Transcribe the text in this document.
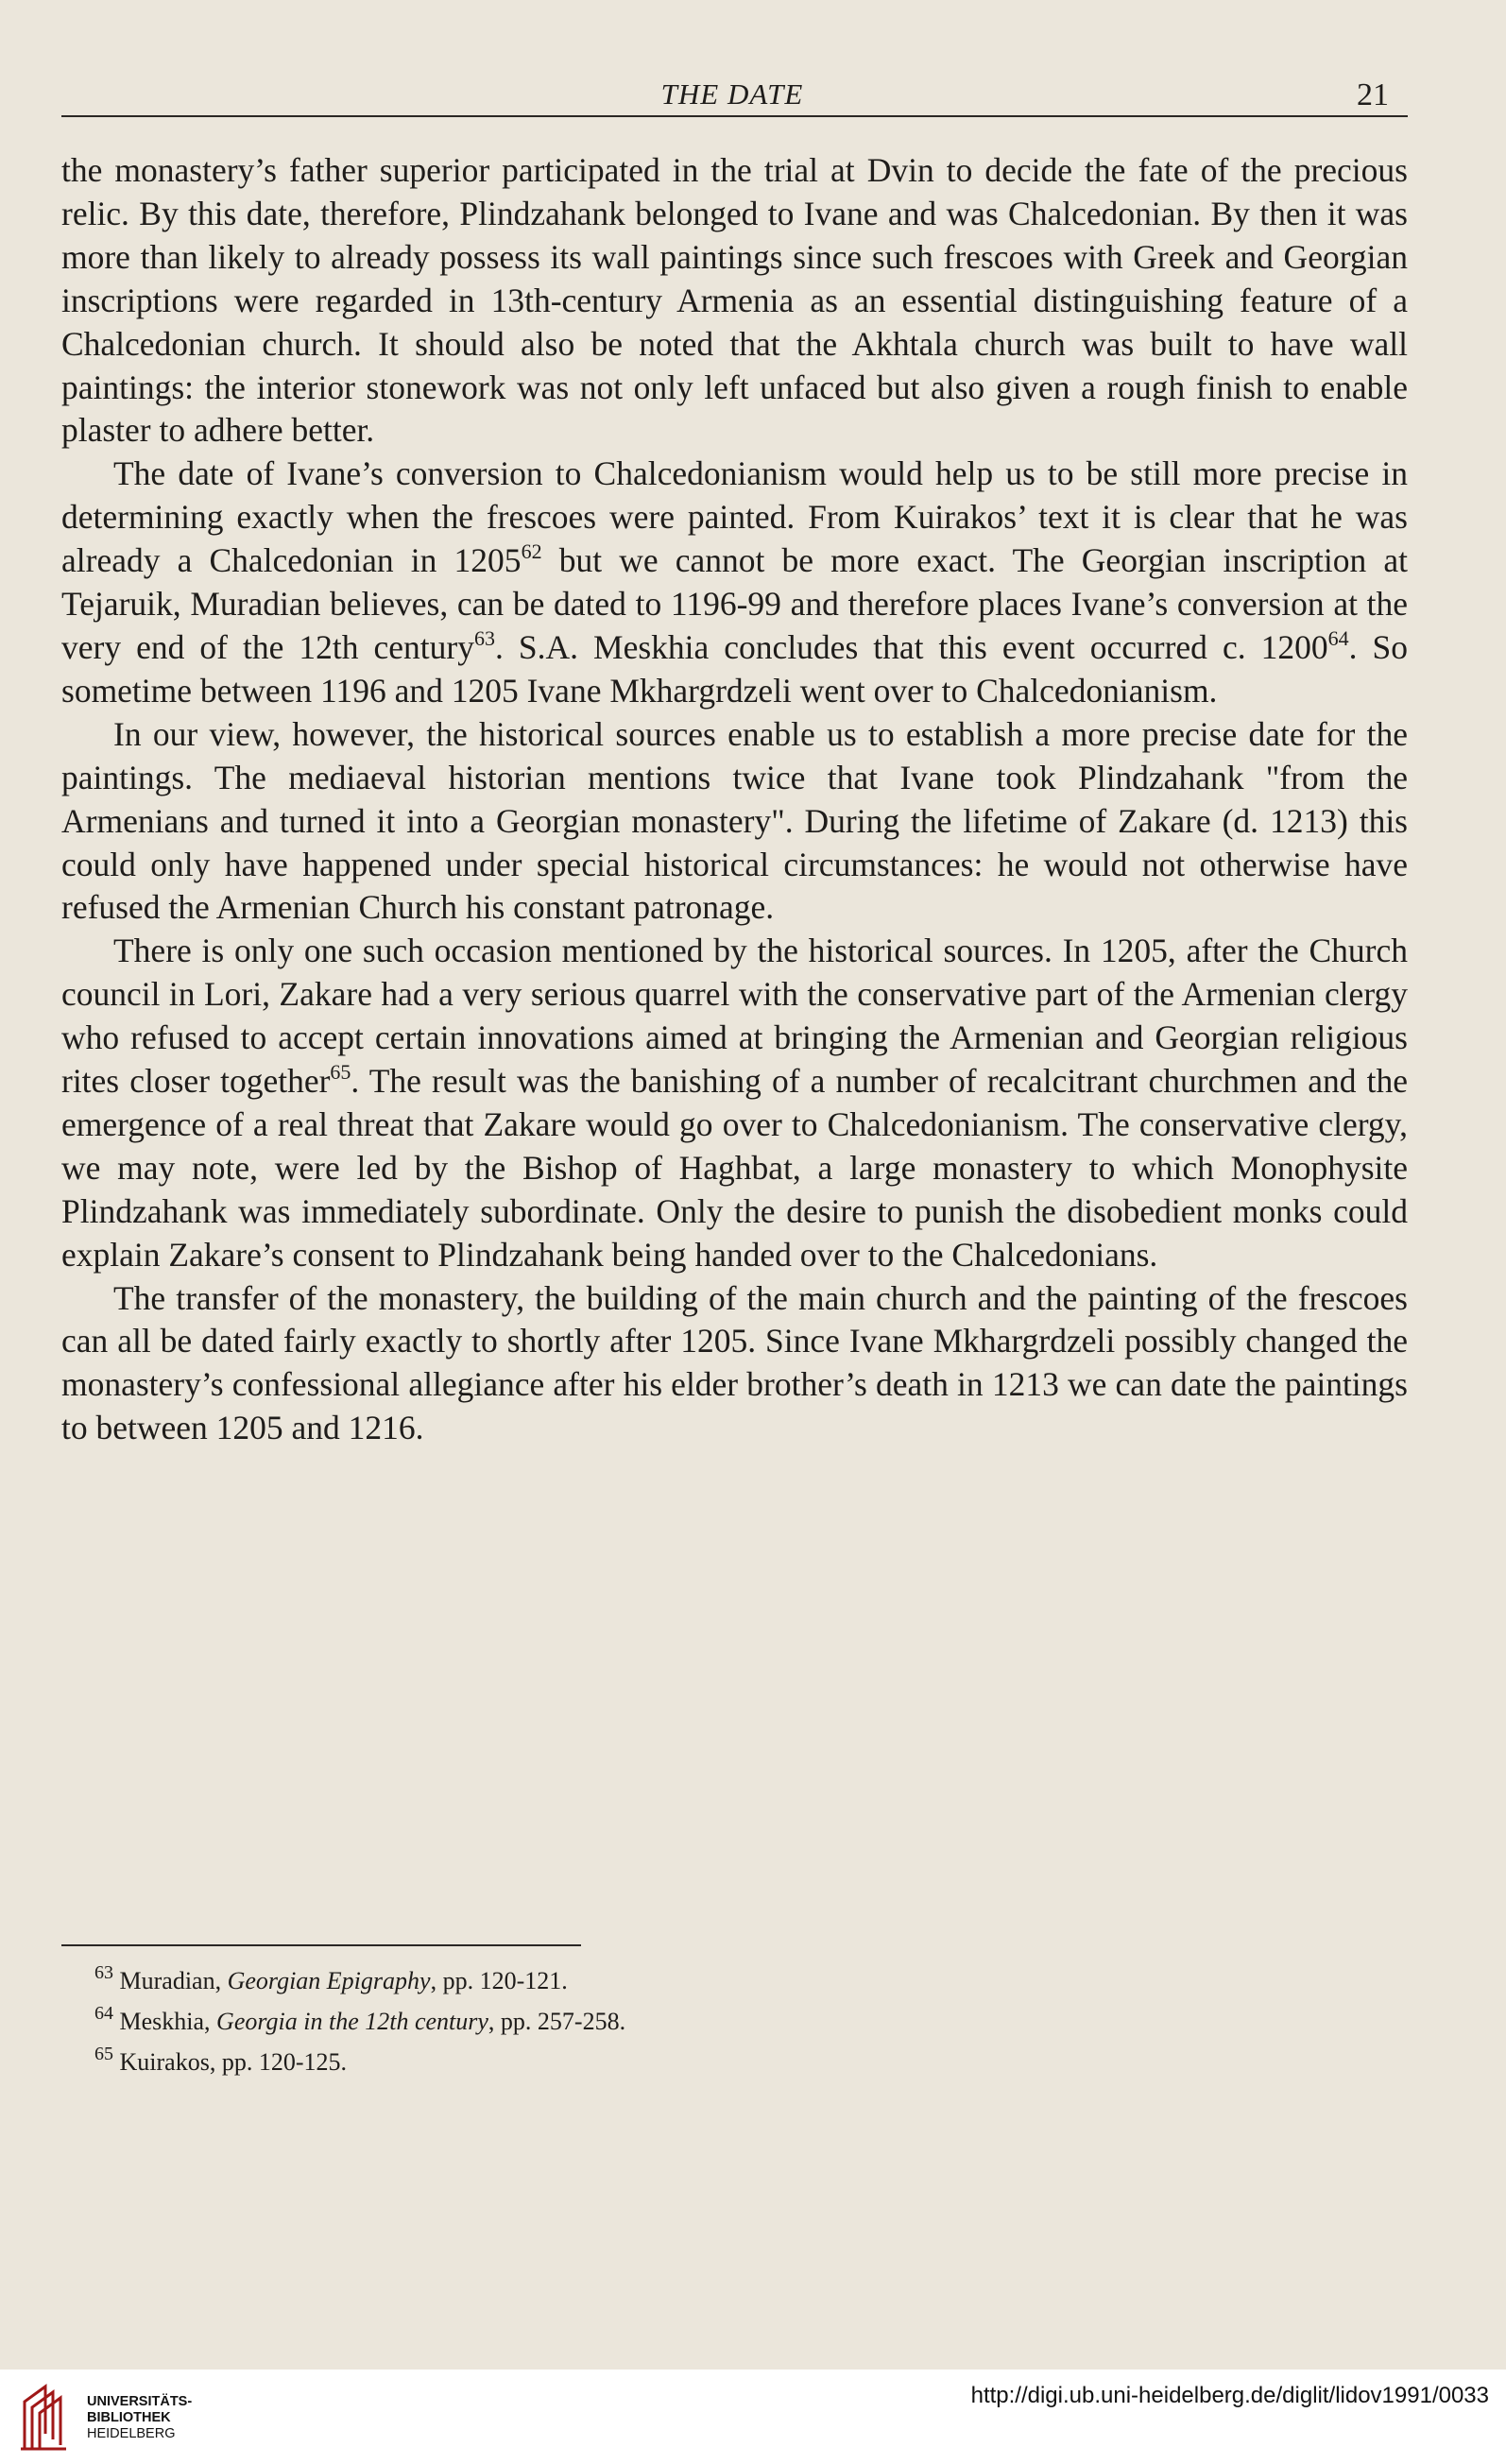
THE DATE	21

the monastery’s father superior participated in the trial at Dvin to decide the fate of the precious relic. By this date, therefore, Plindzahank belonged to Ivane and was Chalcedonian. By then it was more than likely to already possess its wall paintings since such frescoes with Greek and Georgian inscriptions were regarded in 13th-century Armenia as an essential distinguishing feature of a Chalcedonian church. It should also be noted that the Akhtala church was built to have wall paintings: the interior stonework was not only left unfaced but also given a rough finish to enable plaster to adhere better.

The date of Ivane’s conversion to Chalcedonianism would help us to be still more precise in determining exactly when the frescoes were painted. From Kuirakos’ text it is clear that he was already a Chalcedonian in 1205$^{62}$ but we cannot be more exact. The Georgian inscription at Tejaruik, Muradian believes, can be dated to 1196-99 and therefore places Ivane’s conversion at the very end of the 12th century$^{63}$. S.A. Meskhia concludes that this event occurred c. 1200$^{64}$. So sometime between 1196 and 1205 Ivane Mkhargrdzeli went over to Chalcedonianism.

In our view, however, the historical sources enable us to establish a more precise date for the paintings. The mediaeval historian mentions twice that Ivane took Plindzahank "from the Armenians and turned it into a Georgian monastery". During the lifetime of Zakare (d. 1213) this could only have happened under special historical circumstances: he would not otherwise have refused the Armenian Church his constant patronage.

There is only one such occasion mentioned by the historical sources. In 1205, after the Church council in Lori, Zakare had a very serious quarrel with the conservative part of the Armenian clergy who refused to accept certain innovations aimed at bringing the Armenian and Georgian religious rites closer together$^{65}$. The result was the banishing of a number of recalcitrant churchmen and the emergence of a real threat that Zakare would go over to Chalcedonianism. The conservative clergy, we may note, were led by the Bishop of Haghbat, a large monastery to which Monophysite Plindzahank was immediately subordinate. Only the desire to punish the disobedient monks could explain Zakare’s consent to Plindzahank being handed over to the Chalcedonians.

The transfer of the monastery, the building of the main church and the painting of the frescoes can all be dated fairly exactly to shortly after 1205. Since Ivane Mkhargrdzeli possibly changed the monastery’s confessional allegiance after his elder brother’s death in 1213 we can date the paintings to between 1205 and 1216.

$^{63}$ Muradian, Georgian Epigraphy, pp. 120-121.

$^{64}$ Meskhia, Georgia in the 12th century, pp. 257-258.

$^{65}$ Kuirakos, pp. 120-125.

UNIVERSITÄTS-
BIBLIOTHEK
HEIDELBERG
http://digi.ub.uni-heidelberg.de/diglit/lidov1991/0033
